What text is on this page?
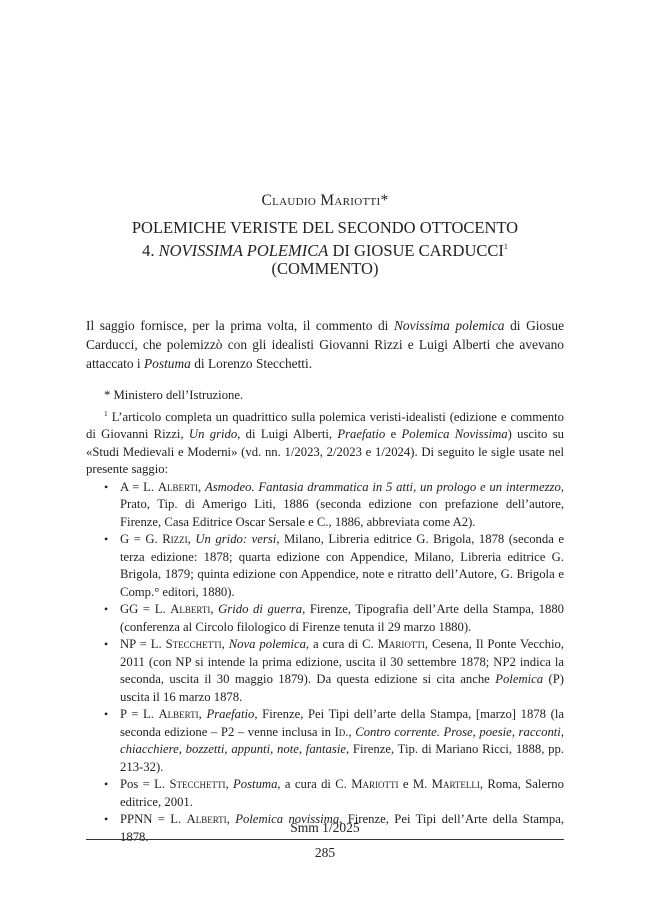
Claudio Mariotti*
POLEMICHE VERISTE DEL SECONDO OTTOCENTO
4. NOVISSIMA POLEMICA DI GIOSUE CARDUCCI$^1$
(COMMENTO)

Il saggio fornisce, per la prima volta, il commento di Novissima polemica di Giosue Carducci, che polemizzò con gli idealisti Giovanni Rizzi e Luigi Alberti che avevano attaccato i Postuma di Lorenzo Stecchetti.

* Ministero dell’Istruzione.

$^1$ L’articolo completa un quadrittico sulla polemica veristi-idealisti (edizione e commento di Giovanni Rizzi, Un grido, di Luigi Alberti, Praefatio e Polemica Novissima) uscito su «Studi Medievali e Moderni» (vd. nn. 1/2023, 2/2023 e 1/2024). Di seguito le sigle usate nel presente saggio:

• A = L. Alberti, Asmodeo. Fantasia drammatica in 5 atti, un prologo e un intermezzo, Prato, Tip. di Amerigo Liti, 1886 (seconda edizione con prefazione dell’autore, Firenze, Casa Editrice Oscar Sersale e C., 1886, abbreviata come A2).
• G = G. Rizzi, Un grido: versi, Milano, Libreria editrice G. Brigola, 1878 (seconda e terza edizione: 1878; quarta edizione con Appendice, Milano, Libreria editrice G. Brigola, 1879; quinta edizione con Appendice, note e ritratto dell’Autore, G. Brigola e Comp.° editori, 1880).
• GG = L. Alberti, Grido di guerra, Firenze, Tipografia dell’Arte della Stampa, 1880 (conferenza al Circolo filologico di Firenze tenuta il 29 marzo 1880).
• NP = L. Stecchetti, Nova polemica, a cura di C. Mariotti, Cesena, Il Ponte Vecchio, 2011 (con NP si intende la prima edizione, uscita il 30 settembre 1878; NP2 indica la seconda, uscita il 30 maggio 1879). Da questa edizione si cita anche Polemica (P) uscita il 16 marzo 1878.
• P = L. Alberti, Praefatio, Firenze, Pei Tipi dell’arte della Stampa, [marzo] 1878 (la seconda edizione – P2 – venne inclusa in Id., Contro corrente. Prose, poesie, racconti, chiacchiere, bozzetti, appunti, note, fantasie, Firenze, Tip. di Mariano Ricci, 1888, pp. 213-32).
• Pos = L. Stecchetti, Postuma, a cura di C. Mariotti e M. Martelli, Roma, Salerno editrice, 2001.
• PPNN = L. Alberti, Polemica novissima, Firenze, Pei Tipi dell’Arte della Stampa, 1878.
Smm 1/2025
285
